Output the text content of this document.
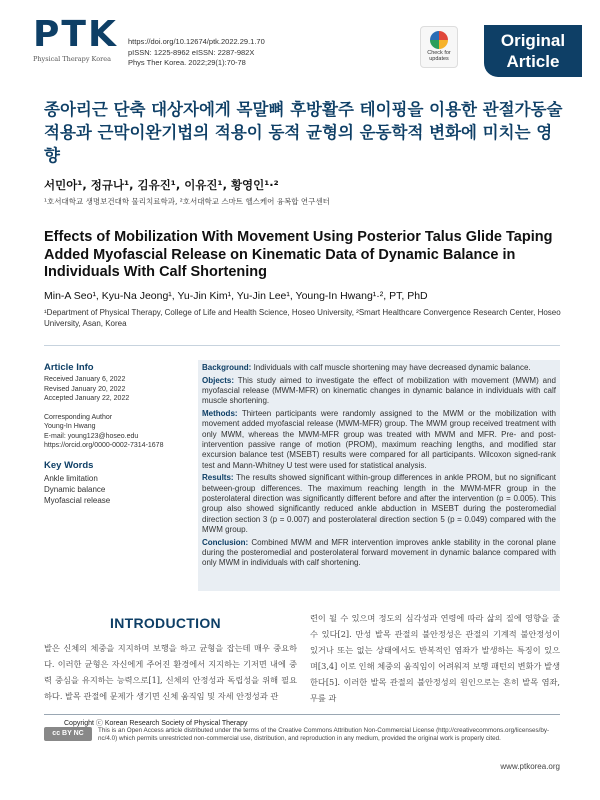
PTK
Physical Therapy Korea
https://doi.org/10.12674/ptk.2022.29.1.70
pISSN: 1225-8962 eISSN: 2287-982X
Phys Ther Korea. 2022;29(1):70-78
Check for
updates
Original
Article
종아리근 단축 대상자에게 목말뼈 후방활주 테이핑을 이용한 관절가동술 적용과 근막이완기법의 적용이 동적 균형의 운동학적 변화에 미치는 영향
서민아¹, 정규나¹, 김유진¹, 이유진¹, 황영인¹·²
¹호서대학교 생명보건대학 물리치료학과, ²호서대학교 스마트 헬스케어 융복합 연구센터
Effects of Mobilization With Movement Using Posterior Talus Glide Taping Added Myofascial Release on Kinematic Data of Dynamic Balance in Individuals With Calf Shortening
Min-A Seo¹, Kyu-Na Jeong¹, Yu-Jin Kim¹, Yu-Jin Lee¹, Young-In Hwang¹·², PT, PhD
¹Department of Physical Therapy, College of Life and Health Science, Hoseo University, ²Smart Healthcare Convergence Research Center, Hoseo University, Asan, Korea
Article Info
Received January 6, 2022
Revised January 20, 2022
Accepted January 22, 2022
Corresponding Author
Young-In Hwang
E-mail: young123@hoseo.edu
https://orcid.org/0000-0002-7314-1678
Key Words
Ankle limitation
Dynamic balance
Myofascial release

Background: Individuals with calf muscle shortening may have decreased dynamic balance.

Objects: This study aimed to investigate the effect of mobilization with movement (MWM) and myofascial release (MWM-MFR) on kinematic changes in dynamic balance in individuals with calf muscle shortening.

Methods: Thirteen participants were randomly assigned to the MWM or the mobilization with movement added myofascial release (MWM-MFR) group. The MWM group received treatment with only MWM, whereas the MWM-MFR group was treated with MWM and MFR. Pre- and post-intervention passive range of motion (PROM), maximum reaching lengths, and modified star excursion balance test (MSEBT) results were compared for all participants. Wilcoxon signed-rank test and Mann-Whitney U test were used for statistical analysis.

Results: The results showed significant within-group differences in ankle PROM, but no significant between-group differences. The maximum reaching length in the MWM-MFR group in the posterolateral direction was significantly different before and after the intervention (p = 0.005). This group also showed significantly reduced ankle abduction in MSEBT during the posteromedial direction section 3 (p = 0.007) and posterolateral direction section 5 (p = 0.049) compared with the MWM group.

Conclusion: Combined MWM and MFR intervention improves ankle stability in the coronal plane during the posteromedial and posterolateral forward movement in dynamic balance compared with only MWM in individuals with calf shortening.

INTRODUCTION
발은 신체의 체중을 지지하며 보행을 하고 균형을 잡는데 매우 중요하다. 이러한 균형은 자신에게 주어진 환경에서 지지하는 기저면 내에 중력 중심을 유지하는 능력으로[1], 신체의 안정성과 독립성을 위해 필요하다. 발목 관절에 문제가 생기면 신체 움직임 및 자세 안정성과 관
련이 될 수 있으며 정도의 심각성과 연령에 따라 삶의 질에 영향을 줄 수 있다[2]. 만성 발목 관절의 불안정성은 관절의 기계적 불안정성이 있거나 또는 없는 상태에서도 반복적인 염좌가 발생하는 특징이 있으며[3,4] 이로 인해 체중의 움직임이 어려워져 보행 패턴의 변화가 발생한다[5]. 이러한 발목 관절의 불안정성의 원인으로는 흔히 발목 염좌, 무릎 과
Copyright ⓒ Korean Research Society of Physical Therapy
cc BY NC	This is an Open Access article distributed under the terms of the Creative Commons Attribution Non-Commercial License (http://creativecommons.org/licenses/by-nc/4.0) which permits unrestricted non-commercial use, distribution, and reproduction in any medium, provided the original work is properly cited.
www.ptkorea.org
